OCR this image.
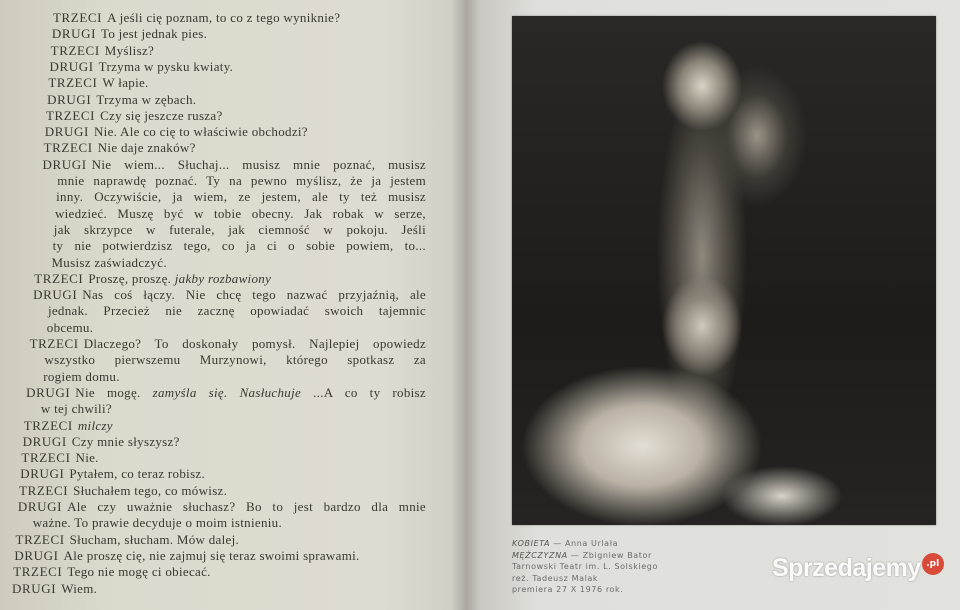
TRZECI A jeśli cię poznam, to co z tego wyniknie?
DRUGI To jest jednak pies.
TRZECI Myślisz?
DRUGI Trzyma w pysku kwiaty.
TRZECI W łapie.
DRUGI Trzyma w zębach.
TRZECI Czy się jeszcze rusza?
DRUGI Nie. Ale co cię to właściwie obchodzi?
TRZECI Nie daje znaków?
DRUGI Nie wiem... Słuchaj... musisz mnie poznać, musisz
mnie naprawdę poznać. Ty na pewno myślisz, że ja jestem
inny. Oczywiście, ja wiem, ze jestem, ale ty też musisz
wiedzieć. Muszę być w tobie obecny. Jak robak w serze,
jak skrzypce w futerale, jak ciemność w pokoju. Jeśli
ty nie potwierdzisz tego, co ja ci o sobie powiem, to...
Musisz zaświadczyć.
TRZECI Proszę, proszę. jakby rozbawiony
DRUGI Nas coś łączy. Nie chcę tego nazwać przyjaźnią, ale
jednak. Przecież nie zacznę opowiadać swoich tajemnic
obcemu.
TRZECI Dlaczego? To doskonały pomysł. Najlepiej opowiedz
wszystko pierwszemu Murzynowi, którego spotkasz za
rogiem domu.
DRUGI Nie mogę. zamyśla się. Nasłuchuje ...A co ty robisz
w tej chwili?
TRZECI milczy
DRUGI Czy mnie słyszysz?
TRZECI Nie.
DRUGI Pytałem, co teraz robisz.
TRZECI Słuchałem tego, co mówisz.
DRUGI Ale czy uważnie słuchasz? Bo to jest bardzo dla mnie
ważne. To prawie decyduje o moim istnieniu.
TRZECI Słucham, słucham. Mów dalej.
DRUGI Ale proszę cię, nie zajmuj się teraz swoimi sprawami.
TRZECI Tego nie mogę ci obiecać.
DRUGI Wiem.
KOBIETA — Anna Urlała
MĘŻCZYZNA — Zbigniew Bator
Tarnowski Teatr im. L. Solskiego
reż. Tadeusz Malak
premiera 27 X 1976 rok.
Sprzedajemy .pl
